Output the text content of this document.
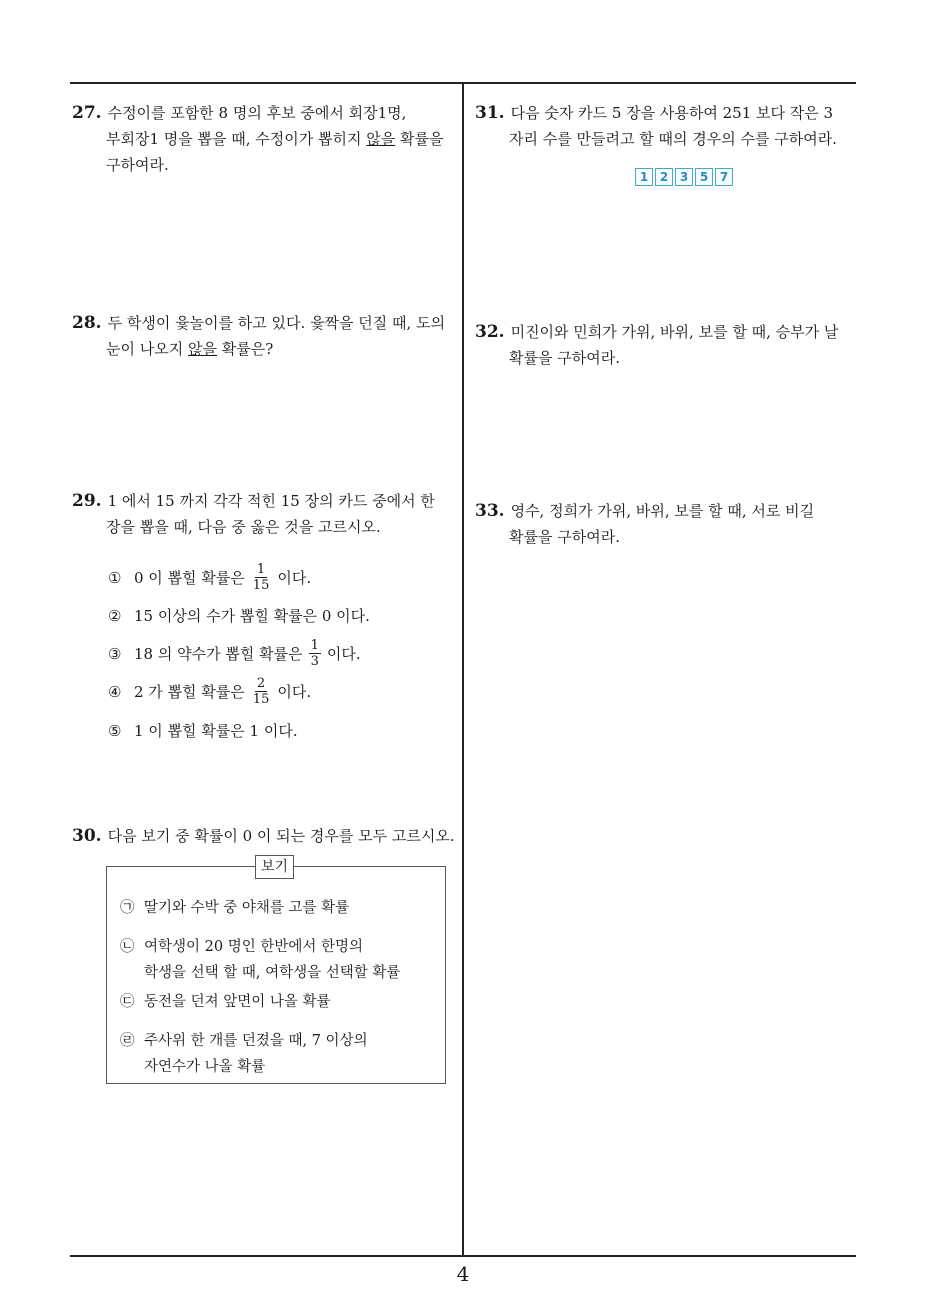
27. 수정이를 포함한 8 명의 후보 중에서 회장1명,
부회장1 명을 뽑을 때, 수정이가 뽑히지 않을 확률을
구하여라.
28. 두 학생이 윷놀이를 하고 있다. 윷짝을 던질 때, 도의
눈이 나오지 않을 확률은?
29. 1 에서 15 까지 각각 적힌 15 장의 카드 중에서 한
장을 뽑을 때, 다음 중 옳은 것을 고르시오.
① 0 이 뽑힐 확률은 $\frac{1}{15}$ 이다.
② 15 이상의 수가 뽑힐 확률은 0 이다.
③ 18 의 약수가 뽑힐 확률은 $\frac{1}{3}$ 이다.
④ 2 가 뽑힐 확률은 $\frac{2}{15}$ 이다.
⑤ 1 이 뽑힐 확률은 1 이다.
30. 다음 보기 중 확률이 0 이 되는 경우를 모두 고르시오.
보기
㉠ 딸기와 수박 중 야채를 고를 확률
㉡ 여학생이 20 명인 한반에서 한명의
학생을 선택 할 때, 여학생을 선택할 확률
㉢ 동전을 던져 앞면이 나올 확률
㉣ 주사위 한 개를 던졌을 때, 7 이상의
자연수가 나올 확률
31. 다음 숫자 카드 5 장을 사용하여 251 보다 작은 3
자리 수를 만들려고 할 때의 경우의 수를 구하여라.
1 2 3 5 7
32. 미진이와 민희가 가위, 바위, 보를 할 때, 승부가 날
확률을 구하여라.
33. 영수, 정희가 가위, 바위, 보를 할 때, 서로 비길
확률을 구하여라.
4
